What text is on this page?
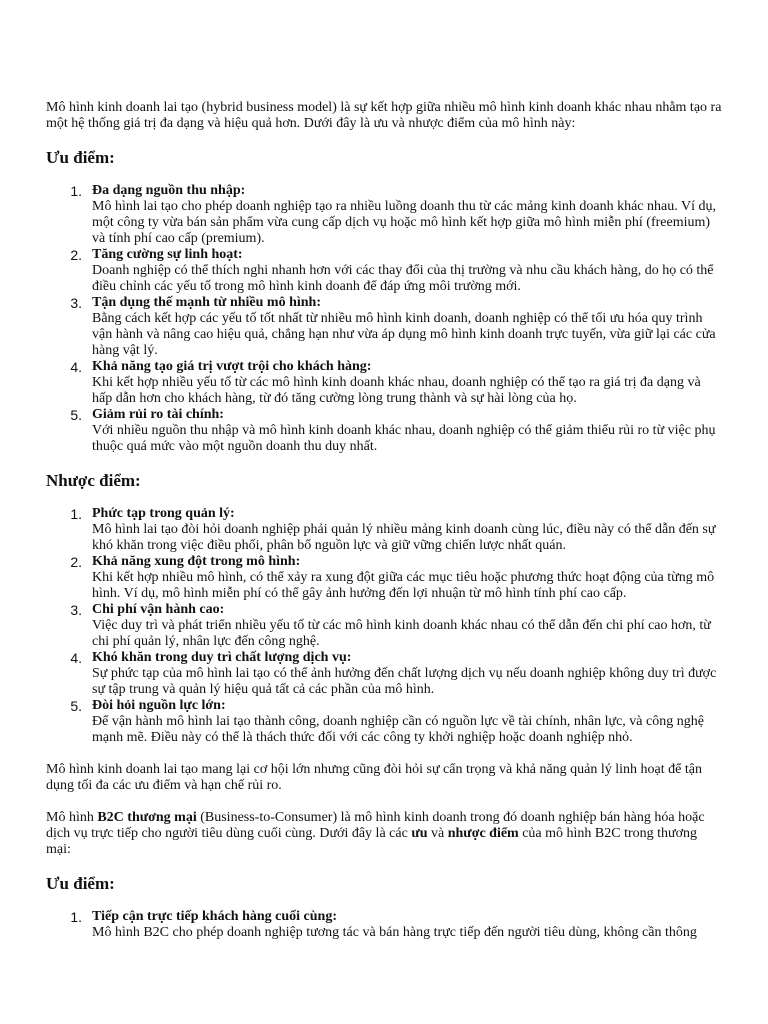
Mô hình kinh doanh lai tạo (hybrid business model) là sự kết hợp giữa nhiều mô hình kinh doanh khác nhau nhằm tạo ra một hệ thống giá trị đa dạng và hiệu quả hơn. Dưới đây là ưu và nhược điểm của mô hình này:

Ưu điểm:
1. Đa dạng nguồn thu nhập:
Mô hình lai tạo cho phép doanh nghiệp tạo ra nhiều luồng doanh thu từ các mảng kinh doanh khác nhau. Ví dụ, một công ty vừa bán sản phẩm vừa cung cấp dịch vụ hoặc mô hình kết hợp giữa mô hình miễn phí (freemium) và tính phí cao cấp (premium).
2. Tăng cường sự linh hoạt:
Doanh nghiệp có thể thích nghi nhanh hơn với các thay đổi của thị trường và nhu cầu khách hàng, do họ có thể điều chỉnh các yếu tố trong mô hình kinh doanh để đáp ứng môi trường mới.
3. Tận dụng thế mạnh từ nhiều mô hình:
Bằng cách kết hợp các yếu tố tốt nhất từ nhiều mô hình kinh doanh, doanh nghiệp có thể tối ưu hóa quy trình vận hành và nâng cao hiệu quả, chẳng hạn như vừa áp dụng mô hình kinh doanh trực tuyến, vừa giữ lại các cửa hàng vật lý.
4. Khả năng tạo giá trị vượt trội cho khách hàng:
Khi kết hợp nhiều yếu tố từ các mô hình kinh doanh khác nhau, doanh nghiệp có thể tạo ra giá trị đa dạng và hấp dẫn hơn cho khách hàng, từ đó tăng cường lòng trung thành và sự hài lòng của họ.
5. Giảm rủi ro tài chính:
Với nhiều nguồn thu nhập và mô hình kinh doanh khác nhau, doanh nghiệp có thể giảm thiểu rủi ro từ việc phụ thuộc quá mức vào một nguồn doanh thu duy nhất.
Nhược điểm:
1. Phức tạp trong quản lý:
Mô hình lai tạo đòi hỏi doanh nghiệp phải quản lý nhiều mảng kinh doanh cùng lúc, điều này có thể dẫn đến sự khó khăn trong việc điều phối, phân bổ nguồn lực và giữ vững chiến lược nhất quán.
2. Khả năng xung đột trong mô hình:
Khi kết hợp nhiều mô hình, có thể xảy ra xung đột giữa các mục tiêu hoặc phương thức hoạt động của từng mô hình. Ví dụ, mô hình miễn phí có thể gây ảnh hưởng đến lợi nhuận từ mô hình tính phí cao cấp.
3. Chi phí vận hành cao:
Việc duy trì và phát triển nhiều yếu tố từ các mô hình kinh doanh khác nhau có thể dẫn đến chi phí cao hơn, từ chi phí quản lý, nhân lực đến công nghệ.
4. Khó khăn trong duy trì chất lượng dịch vụ:
Sự phức tạp của mô hình lai tạo có thể ảnh hưởng đến chất lượng dịch vụ nếu doanh nghiệp không duy trì được sự tập trung và quản lý hiệu quả tất cả các phần của mô hình.
5. Đòi hỏi nguồn lực lớn:
Để vận hành mô hình lai tạo thành công, doanh nghiệp cần có nguồn lực về tài chính, nhân lực, và công nghệ mạnh mẽ. Điều này có thể là thách thức đối với các công ty khởi nghiệp hoặc doanh nghiệp nhỏ.

Mô hình kinh doanh lai tạo mang lại cơ hội lớn nhưng cũng đòi hỏi sự cẩn trọng và khả năng quản lý linh hoạt để tận dụng tối đa các ưu điểm và hạn chế rủi ro.

Mô hình B2C thương mại (Business-to-Consumer) là mô hình kinh doanh trong đó doanh nghiệp bán hàng hóa hoặc dịch vụ trực tiếp cho người tiêu dùng cuối cùng. Dưới đây là các ưu và nhược điểm của mô hình B2C trong thương mại:

Ưu điểm:
1. Tiếp cận trực tiếp khách hàng cuối cùng:
Mô hình B2C cho phép doanh nghiệp tương tác và bán hàng trực tiếp đến người tiêu dùng, không cần thông
